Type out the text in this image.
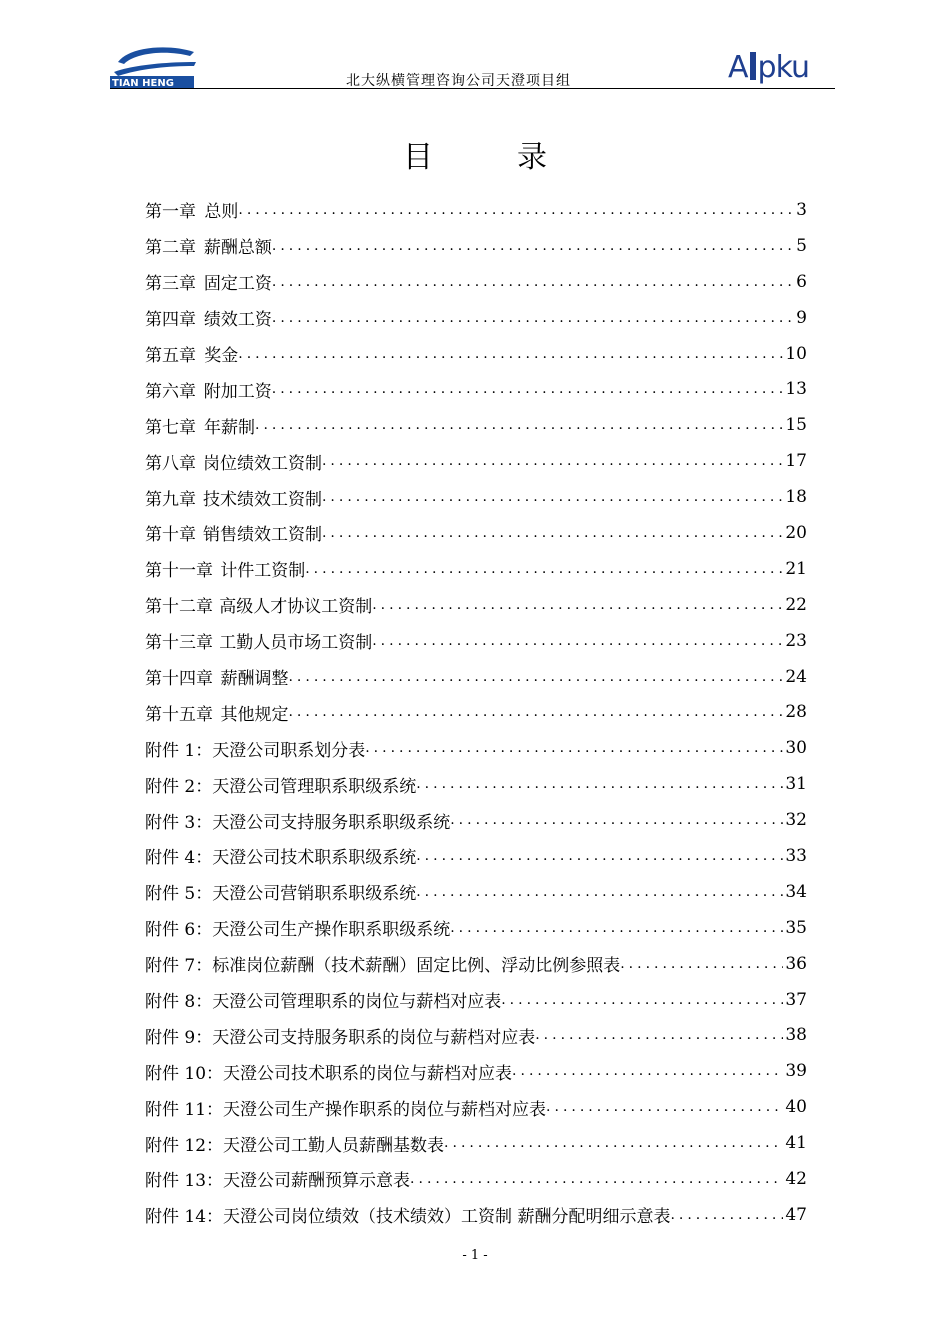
TIAN HENG	北大纵横管理咨询公司天澄项目组	A pku
目	录
第一章 总则 .....	3
第二章 薪酬总额 .....	5
第三章 固定工资 .....	6
第四章 绩效工资 .....	9
第五章 奖金 .....	10
第六章 附加工资 .....	13
第七章 年薪制 .....	15
第八章 岗位绩效工资制 .....	17
第九章 技术绩效工资制 .....	18
第十章 销售绩效工资制 .....	20
第十一章 计件工资制 .....	21
第十二章 高级人才协议工资制 .....	22
第十三章 工勤人员市场工资制 .....	23
第十四章 薪酬调整 .....	24
第十五章 其他规定 .....	28
附件 1： 天澄公司职系划分表 .....	30
附件 2： 天澄公司管理职系职级系统 .....	31
附件 3： 天澄公司支持服务职系职级系统 .....	32
附件 4： 天澄公司技术职系职级系统 .....	33
附件 5： 天澄公司营销职系职级系统 .....	34
附件 6： 天澄公司生产操作职系职级系统 .....	35
附件 7： 标准岗位薪酬（技术薪酬）固定比例、浮动比例参照表 .....	36
附件 8： 天澄公司管理职系的岗位与薪档对应表 .....	37
附件 9： 天澄公司支持服务职系的岗位与薪档对应表 .....	38
附件 10： 天澄公司技术职系的岗位与薪档对应表 .....	39
附件 11： 天澄公司生产操作职系的岗位与薪档对应表 .....	40
附件 12： 天澄公司工勤人员薪酬基数表 .....	41
附件 13： 天澄公司薪酬预算示意表 .....	42
附件 14： 天澄公司岗位绩效（技术绩效）工资制 薪酬分配明细示意表 .....	47
- 1 -
